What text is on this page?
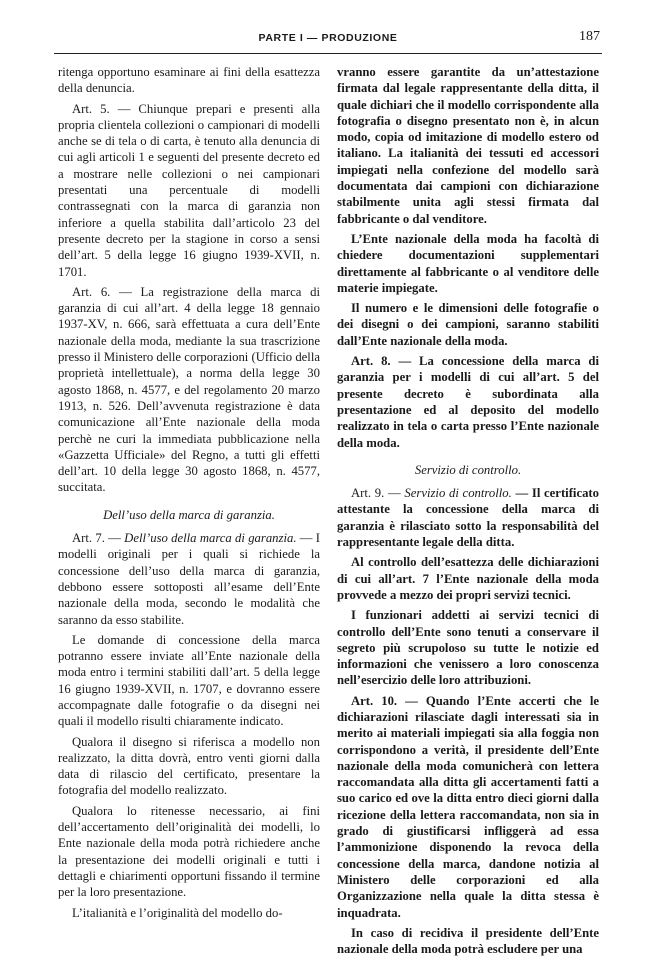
PARTE I — PRODUZIONE	187

ritenga opportuno esaminare ai fini della esattezza della denuncia.

Art. 5. — Chiunque prepari e presenti alla propria clientela collezioni o campionari di modelli anche se di tela o di carta, è tenuto alla denuncia di cui agli articoli 1 e seguenti del presente decreto ed a mostrare nelle collezioni o nei campionari presentati una percentuale di modelli contrassegnati con la marca di garanzia non inferiore a quella stabilita dall’articolo 23 del presente decreto per la stagione in corso a sensi dell’art. 5 della legge 16 giugno 1939-XVII, n. 1701.

Art. 6. — La registrazione della marca di garanzia di cui all’art. 4 della legge 18 gennaio 1937-XV, n. 666, sarà effettuata a cura dell’Ente nazionale della moda, mediante la sua trascrizione presso il Ministero delle corporazioni (Ufficio della proprietà intellettuale), a norma della legge 30 agosto 1868, n. 4577, e del regolamento 20 marzo 1913, n. 526. Dell’avvenuta registrazione è data comunicazione all’Ente nazionale della moda perchè ne curi la immediata pubblicazione nella «Gazzetta Ufficiale» del Regno, a tutti gli effetti dell’art. 10 della legge 30 agosto 1868, n. 4577, succitata.

Dell’uso della marca di garanzia.

Art. 7. — Dell’uso della marca di garanzia. — I modelli originali per i quali si richiede la concessione dell’uso della marca di garanzia, debbono essere sottoposti all’esame dell’Ente nazionale della moda, secondo le modalità che saranno da esso stabilite.

Le domande di concessione della marca potranno essere inviate all’Ente nazionale della moda entro i termini stabiliti dall’art. 5 della legge 16 giugno 1939-XVII, n. 1707, e dovranno essere accompagnate dalle fotografie o da disegni nei quali il modello risulti chiaramente indicato.

Qualora il disegno si riferisca a modello non realizzato, la ditta dovrà, entro venti giorni dalla data di rilascio del certificato, presentare la fotografia del modello realizzato.

Qualora lo ritenesse necessario, ai fini dell’accertamento dell’originalità dei modelli, lo Ente nazionale della moda potrà richiedere anche la presentazione dei modelli originali e tutti i dettagli e chiarimenti opportuni fissando il termine per la loro presentazione.

L’italianità e l’originalità del modello do-

vranno essere garantite da un’attestazione firmata dal legale rappresentante della ditta, il quale dichiari che il modello corrispondente alla fotografia o disegno presentato non è, in alcun modo, copia od imitazione di modello estero od italiano. La italianità dei tessuti ed accessori impiegati nella confezione del modello sarà documentata dai campioni con dichiarazione stabilmente unita agli stessi firmata dal fabbricante o dal venditore.

L’Ente nazionale della moda ha facoltà di chiedere documentazioni supplementari direttamente al fabbricante o al venditore delle materie impiegate.

Il numero e le dimensioni delle fotografie o dei disegni o dei campioni, saranno stabiliti dall’Ente nazionale della moda.

Art. 8. — La concessione della marca di garanzia per i modelli di cui all’art. 5 del presente decreto è subordinata alla presentazione ed al deposito del modello realizzato in tela o carta presso l’Ente nazionale della moda.

Servizio di controllo.

Art. 9. — Servizio di controllo. — Il certificato attestante la concessione della marca di garanzia è rilasciato sotto la responsabilità del rappresentante legale della ditta.

Al controllo dell’esattezza delle dichiarazioni di cui all’art. 7 l’Ente nazionale della moda provvede a mezzo dei propri servizi tecnici.

I funzionari addetti ai servizi tecnici di controllo dell’Ente sono tenuti a conservare il segreto più scrupoloso su tutte le notizie ed informazioni che venissero a loro conoscenza nell’esercizio delle loro attribuzioni.

Art. 10. — Quando l’Ente accerti che le dichiarazioni rilasciate dagli interessati sia in merito ai materiali impiegati sia alla foggia non corrispondono a verità, il presidente dell’Ente nazionale della moda comunicherà con lettera raccomandata alla ditta gli accertamenti fatti a suo carico ed ove la ditta entro dieci giorni dalla ricezione della lettera raccomandata, non sia in grado di giustificarsi infliggerà ad essa l’ammonizione disponendo la revoca della concessione della marca, dandone notizia al Ministero delle corporazioni ed alla Organizzazione nella quale la ditta stessa è inquadrata.

In caso di recidiva il presidente dell’Ente nazionale della moda potrà escludere per una
